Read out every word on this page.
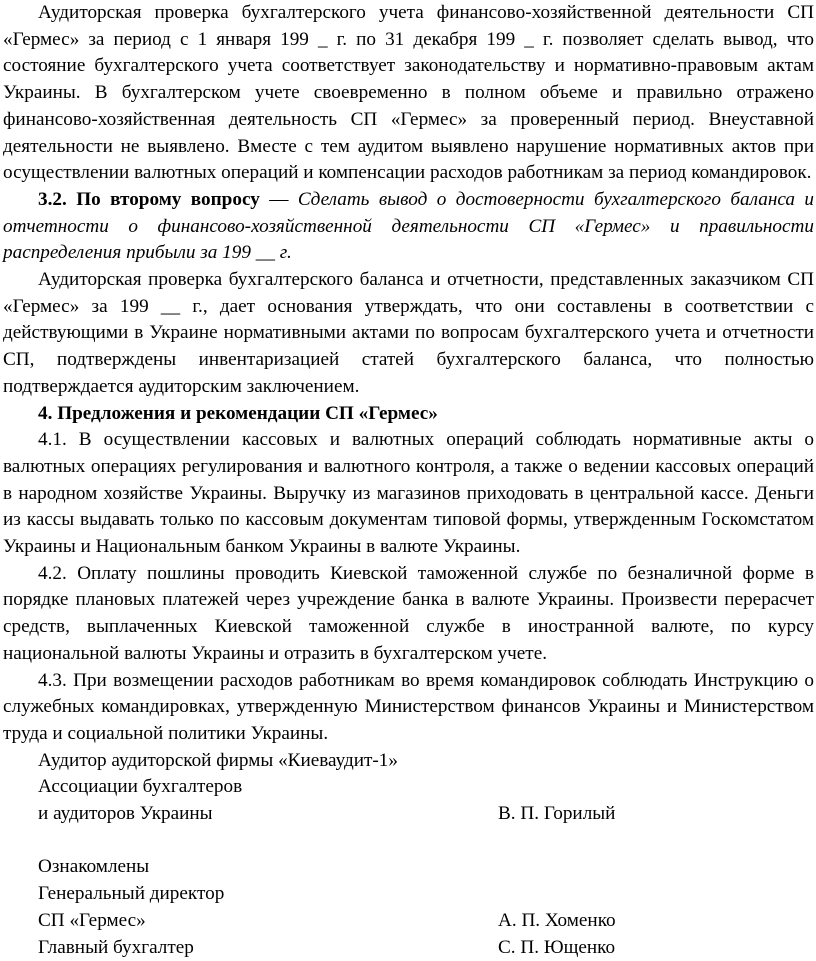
Аудиторская проверка бухгалтерского учета финансово-хозяйственной деятельности СП «Гермес» за период с 1 января 199 _ г. по 31 декабря 199 _ г. позволяет сделать вывод, что состояние бухгалтерского учета соответствует законодательству и нормативно-правовым актам Украины. В бухгалтерском учете своевременно в полном объеме и правильно отражено финансово-хозяйственная деятельность СП «Гермес» за проверенный период. Внеуставной деятельности не выявлено. Вместе с тем аудитом выявлено нарушение нормативных актов при осуществлении валютных операций и компенсации расходов работникам за период командировок.

3.2. По второму вопросу — Сделать вывод о достоверности бухгалтерского баланса и отчетности о финансово-хозяйственной деятельности СП «Гермес» и правильности распределения прибыли за 199 __ г.

Аудиторская проверка бухгалтерского баланса и отчетности, представленных заказчиком СП «Гермес» за 199 __ г., дает основания утверждать, что они составлены в соответствии с действующими в Украине нормативными актами по вопросам бухгалтерского учета и отчетности СП, подтверждены инвентаризацией статей бухгалтерского баланса, что полностью подтверждается аудиторским заключением.

4. Предложения и рекомендации СП «Гермес»

4.1. В осуществлении кассовых и валютных операций соблюдать нормативные акты о валютных операциях регулирования и валютного контроля, а также о ведении кассовых операций в народном хозяйстве Украины. Выручку из магазинов приходовать в центральной кассе. Деньги из кассы выдавать только по кассовым документам типовой формы, утвержденным Госкомстатом Украины и Национальным банком Украины в валюте Украины.

4.2. Оплату пошлины проводить Киевской таможенной службе по безналичной форме в порядке плановых платежей через учреждение банка в валюте Украины. Произвести перерасчет средств, выплаченных Киевской таможенной службе в иностранной валюте, по курсу национальной валюты Украины и отразить в бухгалтерском учете.

4.3. При возмещении расходов работникам во время командировок соблюдать Инструкцию о служебных командировках, утвержденную Министерством финансов Украины и Министерством труда и социальной политики Украины.

Аудитор аудиторской фирмы «Киеваудит-1»
Ассоциации бухгалтеров
и аудиторов Украины	В. П. Горилый
Ознакомлены
Генеральный директор
СП «Гермес»	А. П. Хоменко
Главный бухгалтер	С. П. Ющенко
